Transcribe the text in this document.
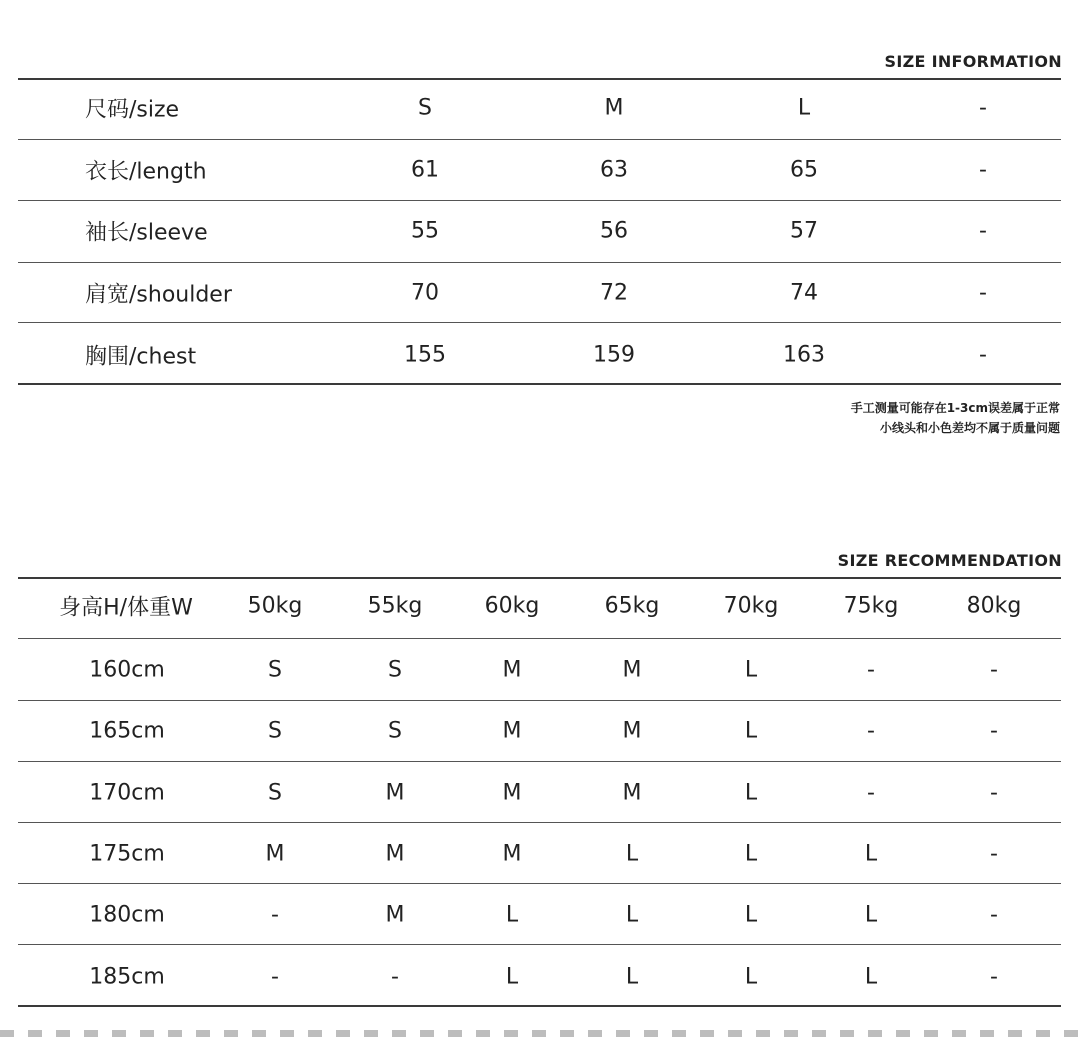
SIZE INFORMATION
尺码/size	S	M	L	-
衣长/length	61	63	65	-
袖长/sleeve	55	56	57	-
肩宽/shoulder	70	72	74	-
胸围/chest	155	159	163	-
手工测量可能存在1-3cm误差属于正常
小线头和小色差均不属于质量问题
SIZE RECOMMENDATION
身高H/体重W 50kg	55kg	60kg	65kg	70kg	75kg	80kg
160cm	S	S	M	M	L	-	-
165cm	S	S	M	M	L	-	-
170cm	S	M	M	M	L	-	-
175cm	M	M	M	L	L	L	-
180cm	-	M	L	L	L	L	-
185cm	-	-	L	L	L	L	-
